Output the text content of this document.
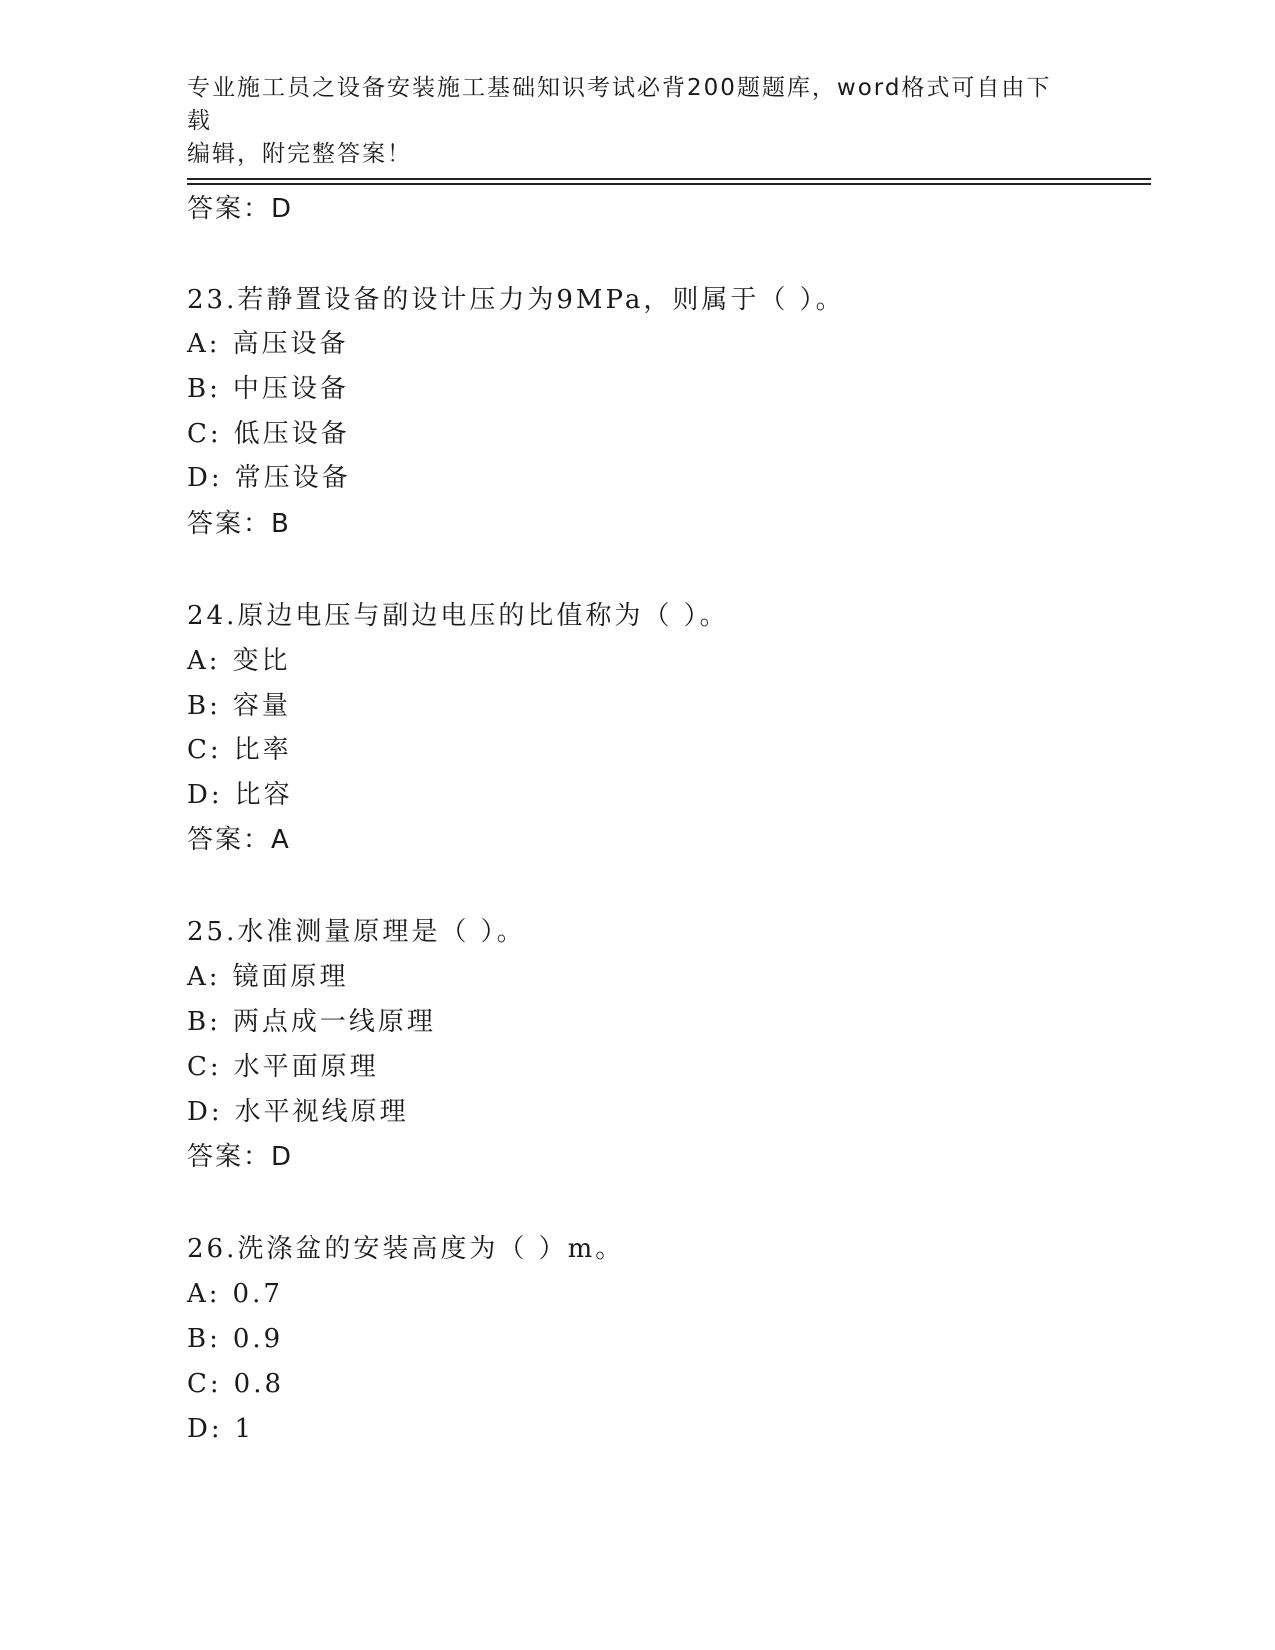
专业施工员之设备安装施工基础知识考试必背200题题库，word格式可自由下载
编辑，附完整答案！
答案：D
23.若静置设备的设计压力为9MPa，则属于（ ）。
A: 高压设备
B: 中压设备
C: 低压设备
D: 常压设备
答案：B
24.原边电压与副边电压的比值称为（ ）。
A: 变比
B: 容量
C: 比率
D: 比容
答案：A
25.水准测量原理是（ ）。
A: 镜面原理
B: 两点成一线原理
C: 水平面原理
D: 水平视线原理
答案：D
26.洗涤盆的安装高度为（ ）m。
A: 0.7
B: 0.9
C: 0.8
D: 1
